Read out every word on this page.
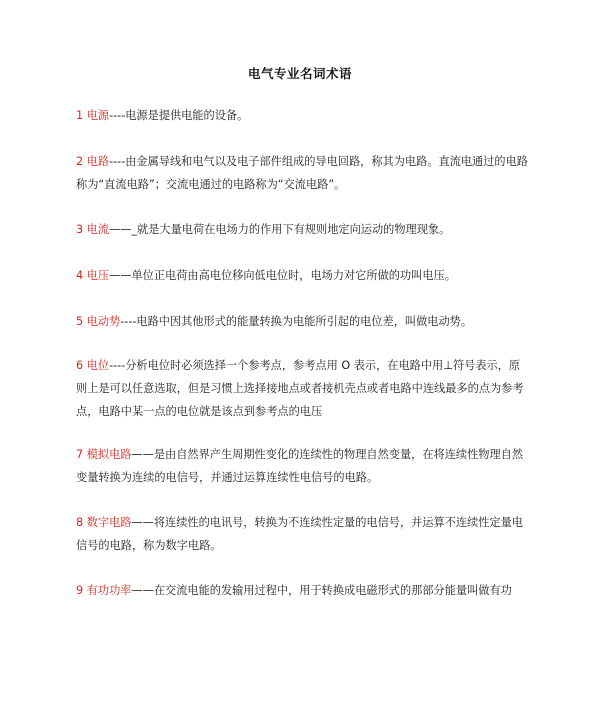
电气专业名词术语
1 电源----电源是提供电能的设备。
2 电路----由金属导线和电气以及电子部件组成的导电回路，称其为电路。直流电通过的电路称为“直流电路”；交流电通过的电路称为“交流电路”。
3 电流——_就是大量电荷在电场力的作用下有规则地定向运动的物理现象。
4 电压——单位正电荷由高电位移向低电位时，电场力对它所做的功叫电压。
5 电动势----电路中因其他形式的能量转换为电能所引起的电位差，叫做电动势。
6 电位----分析电位时必须选择一个参考点，参考点用 O 表示，在电路中用⊥符号表示，原则上是可以任意选取，但是习惯上选择接地点或者接机壳点或者电路中连线最多的点为参考点，电路中某一点的电位就是该点到参考点的电压
7 模拟电路——是由自然界产生周期性变化的连续性的物理自然变量，在将连续性物理自然变量转换为连续的电信号，并通过运算连续性电信号的电路。
8 数字电路——将连续性的电讯号，转换为不连续性定量的电信号，并运算不连续性定量电信号的电路，称为数字电路。
9 有功功率——在交流电能的发输用过程中，用于转换成电磁形式的那部分能量叫做有功
